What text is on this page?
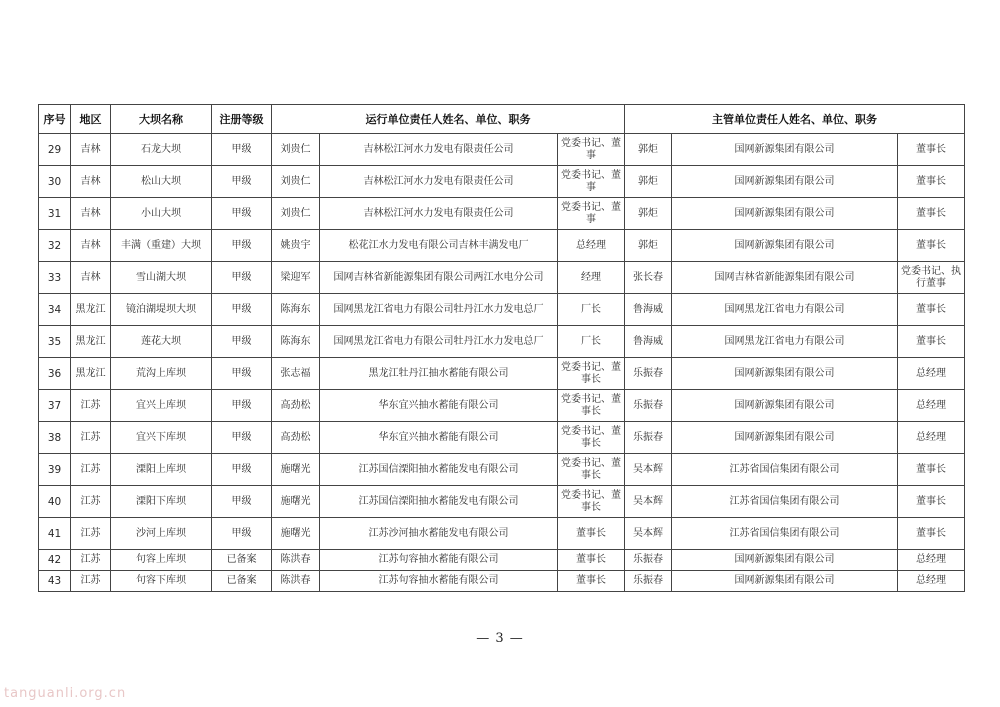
序号	地区	大坝名称	注册等级	运行单位责任人姓名、单位、职务			主管单位责任人姓名、单位、职务		
29	吉林	石龙大坝	甲级	刘贵仁	吉林松江河水力发电有限责任公司	党委书记、董事	郭炬	国网新源集团有限公司	董事长
30	吉林	松山大坝	甲级	刘贵仁	吉林松江河水力发电有限责任公司	党委书记、董事	郭炬	国网新源集团有限公司	董事长
31	吉林	小山大坝	甲级	刘贵仁	吉林松江河水力发电有限责任公司	党委书记、董事	郭炬	国网新源集团有限公司	董事长
32	吉林	丰满（重建）大坝	甲级	姚贵宇	松花江水力发电有限公司吉林丰满发电厂	总经理	郭炬	国网新源集团有限公司	董事长
33	吉林	雪山湖大坝	甲级	梁迎军	国网吉林省新能源集团有限公司两江水电分公司	经理	张长春	国网吉林省新能源集团有限公司	党委书记、执行董事
34	黑龙江	镜泊湖堤坝大坝	甲级	陈海东	国网黑龙江省电力有限公司牡丹江水力发电总厂	厂长	鲁海威	国网黑龙江省电力有限公司	董事长
35	黑龙江	莲花大坝	甲级	陈海东	国网黑龙江省电力有限公司牡丹江水力发电总厂	厂长	鲁海威	国网黑龙江省电力有限公司	董事长
36	黑龙江	荒沟上库坝	甲级	张志福	黑龙江牡丹江抽水蓄能有限公司	党委书记、董事长	乐振春	国网新源集团有限公司	总经理
37	江苏	宜兴上库坝	甲级	高劲松	华东宜兴抽水蓄能有限公司	党委书记、董事长	乐振春	国网新源集团有限公司	总经理
38	江苏	宜兴下库坝	甲级	高劲松	华东宜兴抽水蓄能有限公司	党委书记、董事长	乐振春	国网新源集团有限公司	总经理
39	江苏	溧阳上库坝	甲级	施曙光	江苏国信溧阳抽水蓄能发电有限公司	党委书记、董事长	吴本辉	江苏省国信集团有限公司	董事长
40	江苏	溧阳下库坝	甲级	施曙光	江苏国信溧阳抽水蓄能发电有限公司	党委书记、董事长	吴本辉	江苏省国信集团有限公司	董事长
41	江苏	沙河上库坝	甲级	施曙光	江苏沙河抽水蓄能发电有限公司	董事长	吴本辉	江苏省国信集团有限公司	董事长
42	江苏	句容上库坝	已备案	陈洪春	江苏句容抽水蓄能有限公司	董事长	乐振春	国网新源集团有限公司	总经理
43	江苏	句容下库坝	已备案	陈洪春	江苏句容抽水蓄能有限公司	董事长	乐振春	国网新源集团有限公司	总经理
— 3 —
tanguanli.org.cn
